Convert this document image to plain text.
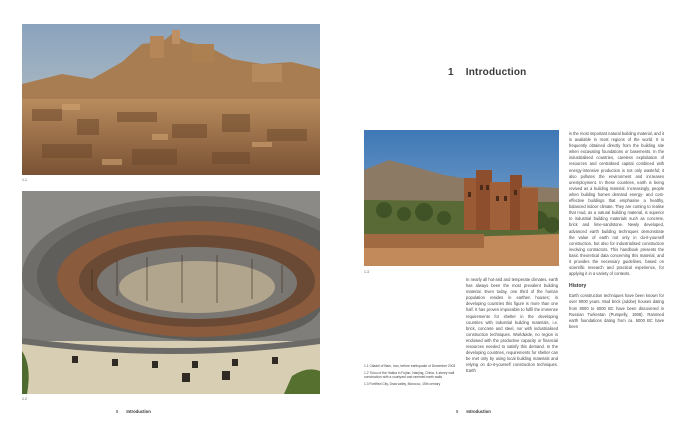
1.1
1.2
8 Introduction
1 Introduction
1.3

In nearly all hot-arid and temperate climates, earth has always been the most prevalent building material. Even today, one third of the human population resides in earthen houses; in developing countries this figure is more than one half. It has proven impossible to fulfil the immense requirements for shelter in the developing countries with industrial building materials, i.e. brick, concrete and steel, nor with industrialised construction techniques. Worldwide, no region is endowed with the productive capacity or financial resources needed to satisfy this demand. In the developing countries, requirements for shelter can be met only by using local building materials and relying on do-it-yourself construction techniques. Earth

is the most important natural building material, and it is available in most regions of the world. It is frequently obtained directly from the building site when excavating foundations or basements. In the industrialised countries, careless exploitation of resources and centralised capital combined with energy-intensive production is not only wasteful; it also pollutes the environment and increases unemployment. In these countries, earth is being revived as a building material. Increasingly, people when building homes demand energy- and cost-effective buildings that emphasise a healthy, balanced indoor climate. They are coming to realise that mud, as a natural building material, is superior to industrial building materials such as concrete, brick and lime-sandstone. Newly developed, advanced earth building techniques demonstrate the value of earth not only in do-it-yourself construction, but also for industrialised construction involving contractors. This handbook presents the basic theoretical data concerning this material, and it provides the necessary guidelines, based on scientific research and practical experience, for applying it in a variety of contexts.

History

Earth construction techniques have been known for over 9000 years. Mud brick (adobe) houses dating from 8000 to 6000 BC have been discovered in Russian Turkestan (Pumpelly, 1908). Rammed earth foundations dating from ca. 5000 BC have been

9 Introduction

1.1 Citadel of Bam, Iran, before earthquake of December 2003

1.2 Tulou of the Hakka in Fujian, Nanjing, China. 4-storey wall construction with a courtyard and rammed earth walls

1.3 Fortified City, Draa valley, Morocco, 15th century
